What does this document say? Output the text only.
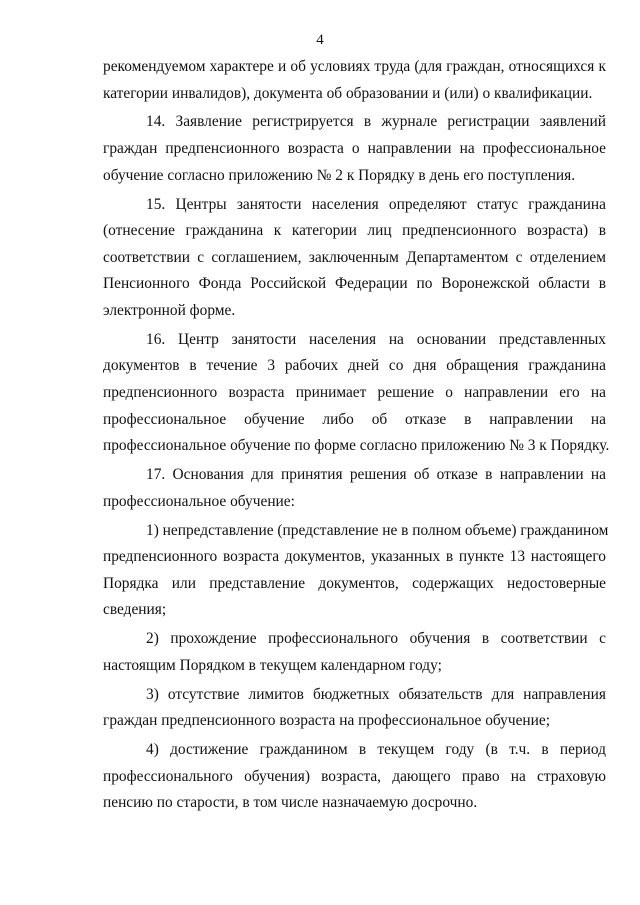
4
рекомендуемом характере и об условиях труда (для граждан, относящихся к
категории инвалидов), документа об образовании и (или) о квалификации.
14. Заявление регистрируется в журнале регистрации заявлений
граждан предпенсионного возраста о направлении на профессиональное
обучение согласно приложению № 2 к Порядку в день его поступления.
15. Центры занятости населения определяют статус гражданина
(отнесение гражданина к категории лиц предпенсионного возраста) в
соответствии с соглашением, заключенным Департаментом с отделением
Пенсионного Фонда Российской Федерации по Воронежской области в
электронной форме.
16. Центр занятости населения на основании представленных
документов в течение 3 рабочих дней со дня обращения гражданина
предпенсионного возраста принимает решение о направлении его на
профессиональное обучение либо об отказе в направлении на
профессиональное обучение по форме согласно приложению № 3 к Порядку.
17. Основания для принятия решения об отказе в направлении на
профессиональное обучение:
1) непредставление (представление не в полном объеме) гражданином
предпенсионного возраста документов, указанных в пункте 13 настоящего
Порядка или представление документов, содержащих недостоверные
сведения;
2) прохождение профессионального обучения в соответствии с
настоящим Порядком в текущем календарном году;
3) отсутствие лимитов бюджетных обязательств для направления
граждан предпенсионного возраста на профессиональное обучение;
4) достижение гражданином в текущем году (в т.ч. в период
профессионального обучения) возраста, дающего право на страховую
пенсию по старости, в том числе назначаемую досрочно.
